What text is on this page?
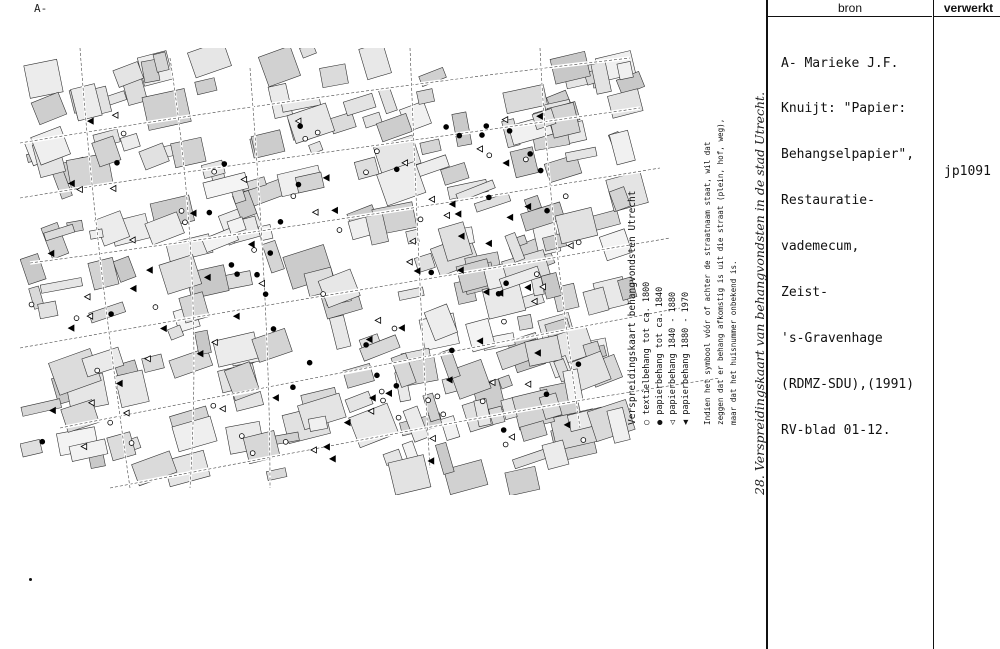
A-
Verspreidingskaart behangvondsten Utrecht ○ textielbehang tot ca. 1800
● papierbehang tot ca. 1840
◁ papierbehang 1840 - 1880
◀ papierbehang 1880 - 1970 Indien het symbool vóór of achter de straatnaam staat, wil dat zeggen dat er behang afkomstig is uit die straat (plein, hof, weg), maar dat het huisnummer onbekend is. 28. Verspreidingskaart van behangvondsten in de stad Utrecht.
bron	verwerkt

A- Marieke J.F.

Knuijt: "Papier:

Behangselpapier",

Restauratie-

vademecum,

Zeist-

's-Gravenhage

(RDMZ-SDU),(1991)

RV-blad 01-12.

jp1091
